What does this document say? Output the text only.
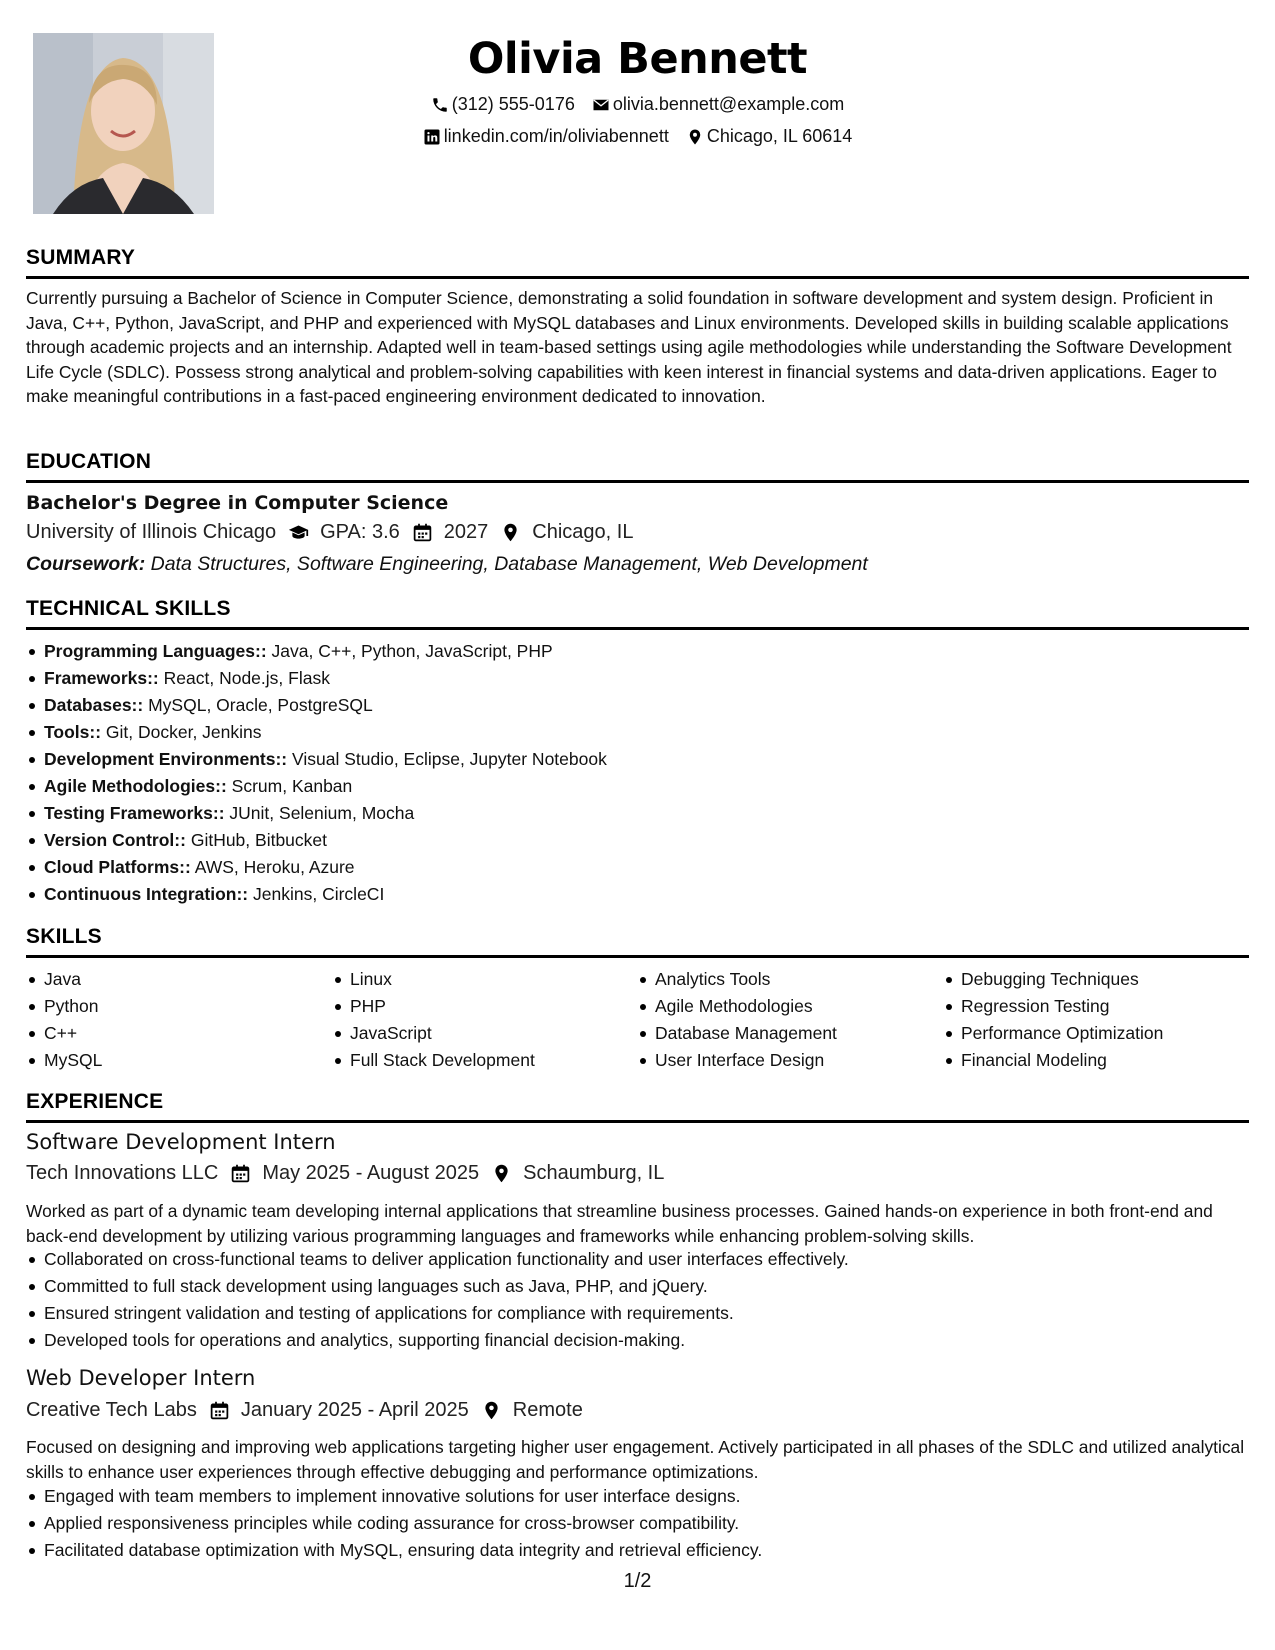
Olivia Bennett
(312) 555-0176
olivia.bennett@example.com
linkedin.com/in/oliviabennett
Chicago, IL 60614
SUMMARY
Currently pursuing a Bachelor of Science in Computer Science, demonstrating a solid foundation in software development and system design. Proficient in Java, C++, Python, JavaScript, and PHP and experienced with MySQL databases and Linux environments. Developed skills in building scalable applications through academic projects and an internship. Adapted well in team-based settings using agile methodologies while understanding the Software Development Life Cycle (SDLC). Possess strong analytical and problem-solving capabilities with keen interest in financial systems and data-driven applications. Eager to make meaningful contributions in a fast-paced engineering environment dedicated to innovation.
EDUCATION
Bachelor's Degree in Computer Science
University of Illinois Chicago GPA: 3.6 2027 Chicago, IL
Coursework: Data Structures, Software Engineering, Database Management, Web Development
TECHNICAL SKILLS
Programming Languages:: Java, C++, Python, JavaScript, PHP
Frameworks:: React, Node.js, Flask
Databases:: MySQL, Oracle, PostgreSQL
Tools:: Git, Docker, Jenkins
Development Environments:: Visual Studio, Eclipse, Jupyter Notebook
Agile Methodologies:: Scrum, Kanban
Testing Frameworks:: JUnit, Selenium, Mocha
Version Control:: GitHub, Bitbucket
Cloud Platforms:: AWS, Heroku, Azure
Continuous Integration:: Jenkins, CircleCI
SKILLS
Java
Python
C++
MySQL
Linux
PHP
JavaScript
Full Stack Development
Analytics Tools
Agile Methodologies
Database Management
User Interface Design
Debugging Techniques
Regression Testing
Performance Optimization
Financial Modeling
EXPERIENCE
Software Development Intern
Tech Innovations LLC May 2025 - August 2025 Schaumburg, IL
Worked as part of a dynamic team developing internal applications that streamline business processes. Gained hands-on experience in both front-end and back-end development by utilizing various programming languages and frameworks while enhancing problem-solving skills.
Collaborated on cross-functional teams to deliver application functionality and user interfaces effectively.
Committed to full stack development using languages such as Java, PHP, and jQuery.
Ensured stringent validation and testing of applications for compliance with requirements.
Developed tools for operations and analytics, supporting financial decision-making.
Web Developer Intern
Creative Tech Labs January 2025 - April 2025 Remote
Focused on designing and improving web applications targeting higher user engagement. Actively participated in all phases of the SDLC and utilized analytical skills to enhance user experiences through effective debugging and performance optimizations.
Engaged with team members to implement innovative solutions for user interface designs.
Applied responsiveness principles while coding assurance for cross-browser compatibility.
Facilitated database optimization with MySQL, ensuring data integrity and retrieval efficiency.
1/2
